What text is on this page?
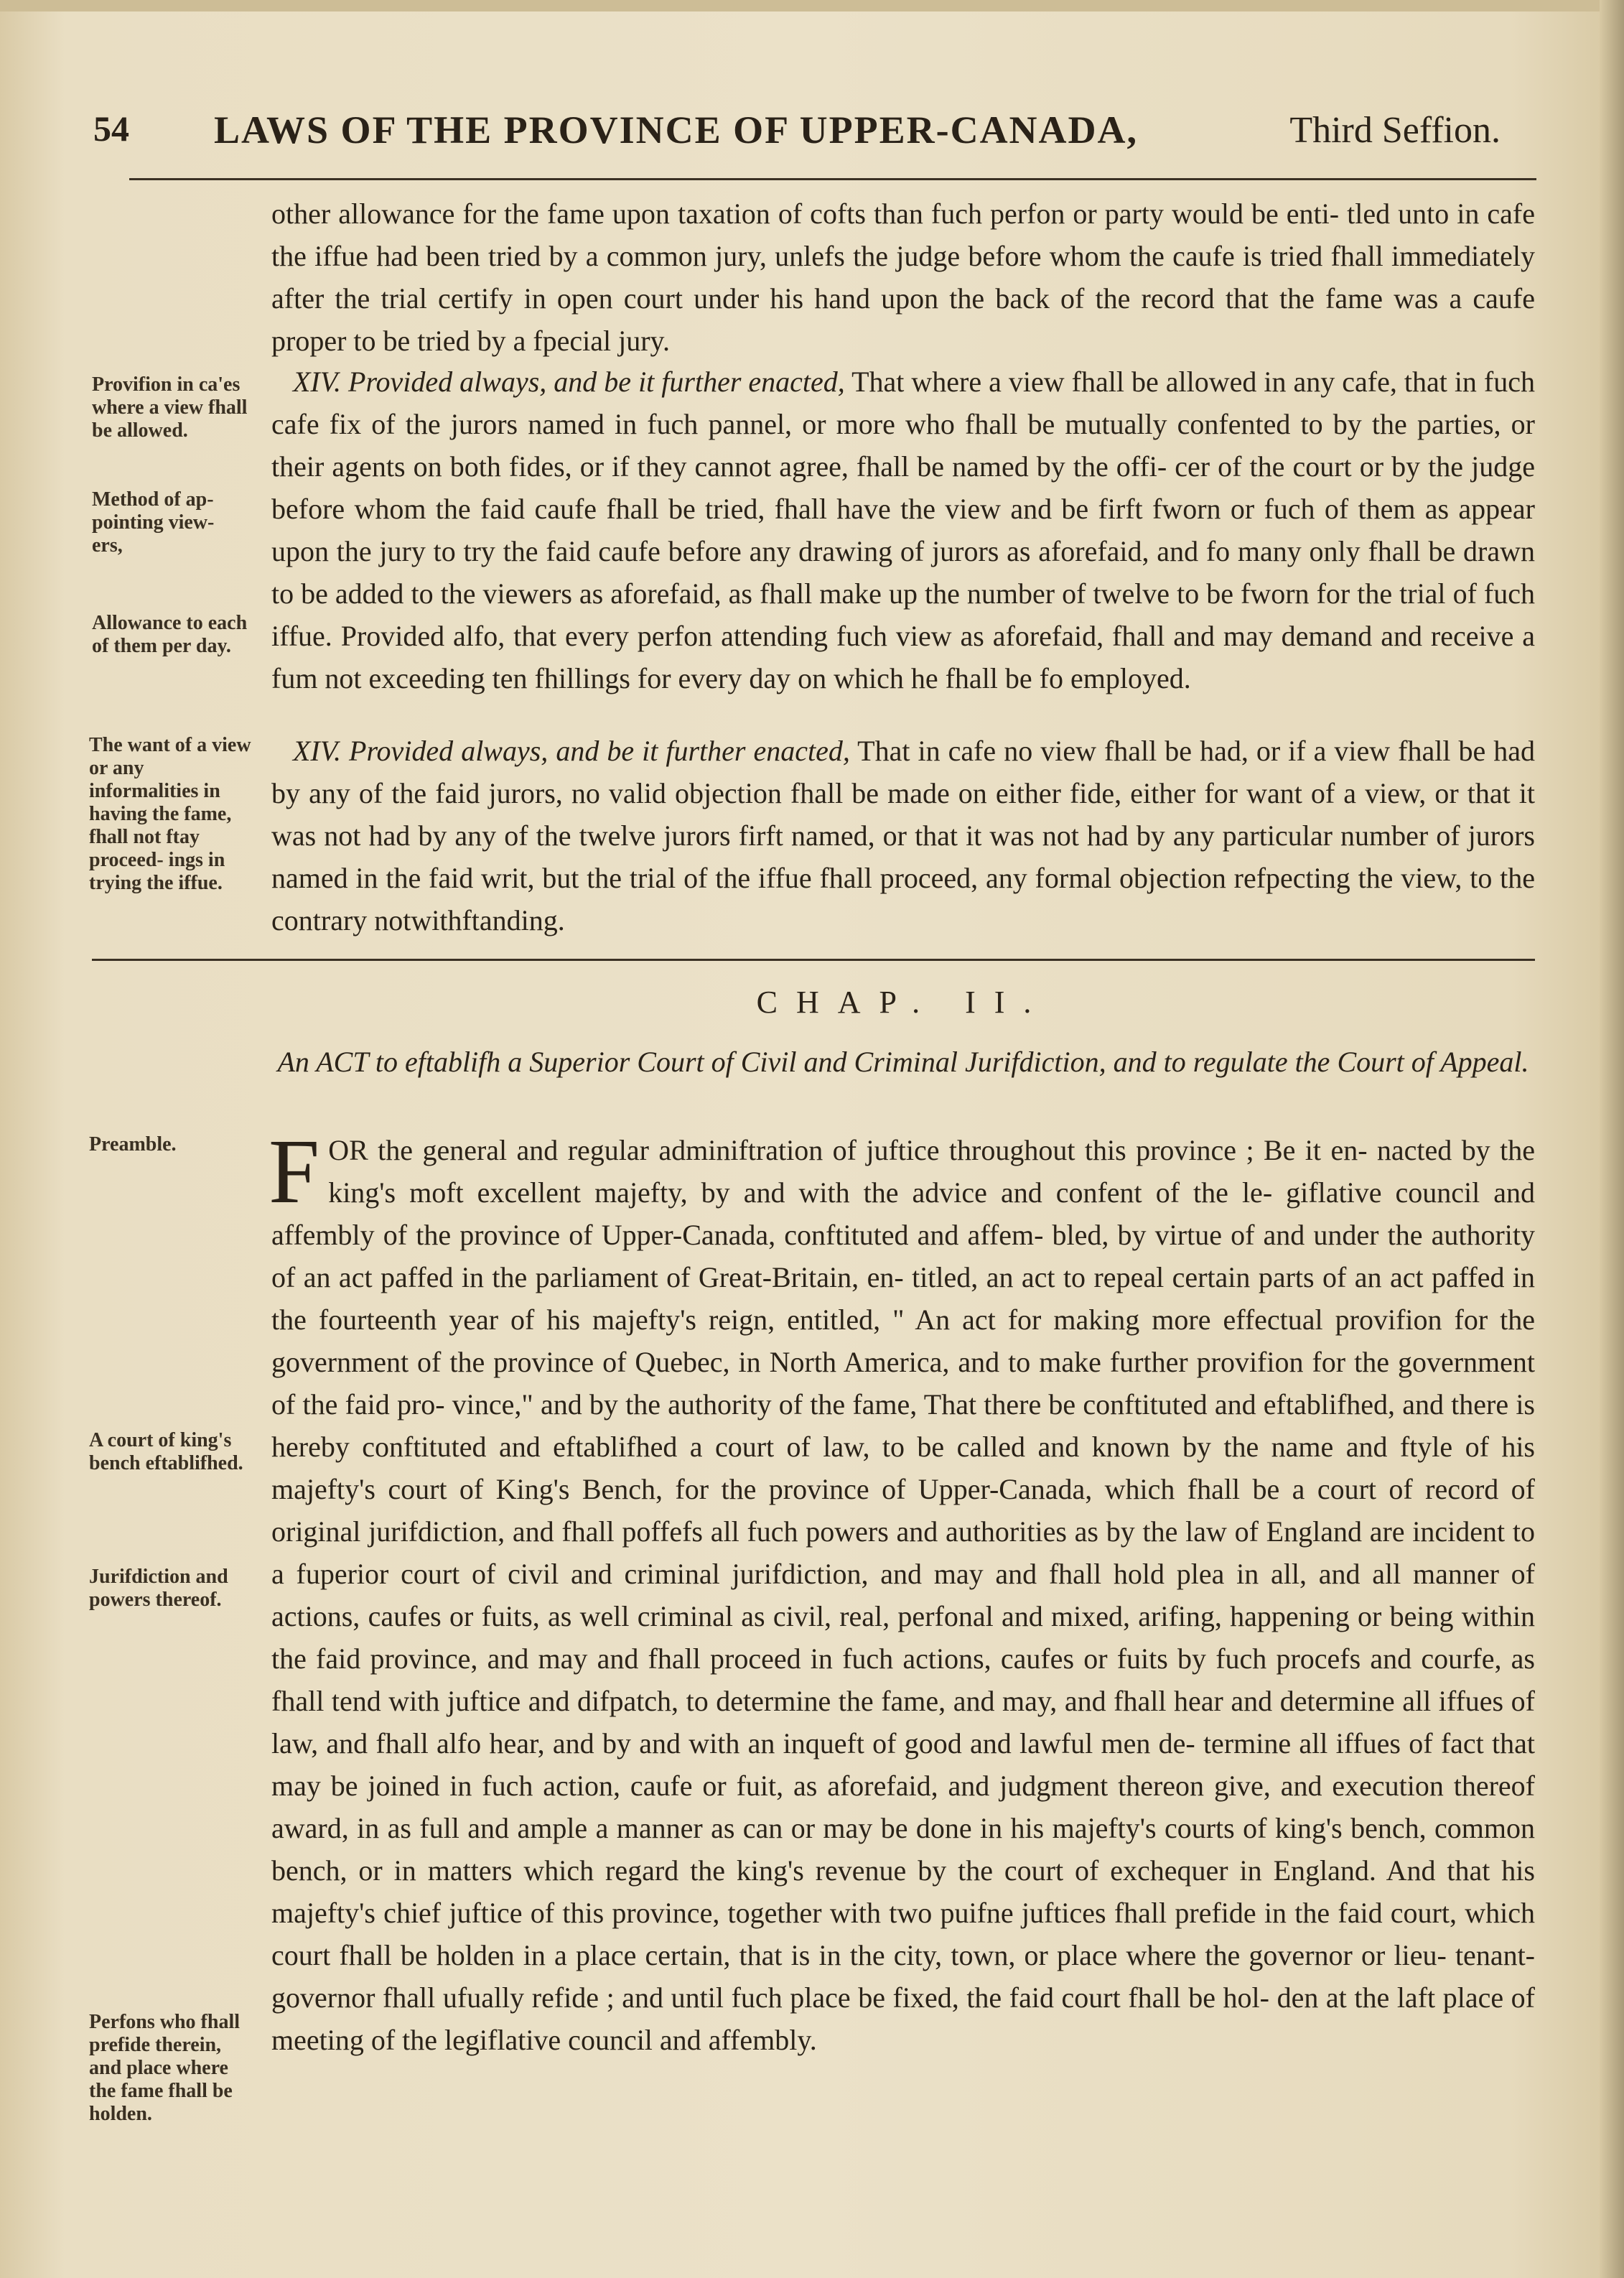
54 LAWS OF THE PROVINCE OF UPPER-CANADA,	Third Seffion.
Provifion in ca'es where a view fhall be allowed.
Method of ap- pointing view- ers,
Allowance to each of them per day.
The want of a view or any informalities in having the fame, fhall not ftay proceed- ings in trying the iffue.
Preamble.
A court of king's bench eftablifhed.
Jurifdiction and powers thereof.
Perfons who fhall prefide therein, and place where the fame fhall be holden.

other allowance for the fame upon taxation of cofts than fuch perfon or party would be enti- tled unto in cafe the iffue had been tried by a common jury, unlefs the judge before whom the caufe is tried fhall immediately after the trial certify in open court under his hand upon the back of the record that the fame was a caufe proper to be tried by a fpecial jury.

XIV. Provided always, and be it further enacted, That where a view fhall be allowed in any cafe, that in fuch cafe fix of the jurors named in fuch pannel, or more who fhall be mutually confented to by the parties, or their agents on both fides, or if they cannot agree, fhall be named by the offi- cer of the court or by the judge before whom the faid caufe fhall be tried, fhall have the view and be firft fworn or fuch of them as appear upon the jury to try the faid caufe before any drawing of jurors as aforefaid, and fo many only fhall be drawn to be added to the viewers as aforefaid, as fhall make up the number of twelve to be fworn for the trial of fuch iffue. Provided alfo, that every perfon attending fuch view as aforefaid, fhall and may demand and receive a fum not exceeding ten fhillings for every day on which he fhall be fo employed.

XIV. Provided always, and be it further enacted, That in cafe no view fhall be had, or if a view fhall be had by any of the faid jurors, no valid objection fhall be made on either fide, either for want of a view, or that it was not had by any of the twelve jurors firft named, or that it was not had by any particular number of jurors named in the faid writ, but the trial of the iffue fhall proceed, any formal objection refpecting the view, to the contrary notwithftanding.

CHAP. II.
An ACT to eftablifh a Superior Court of Civil and Criminal Jurifdiction, and to regulate the Court of Appeal.

FOR the general and regular adminiftration of juftice throughout this province ; Be it en- nacted by the king's moft excellent majefty, by and with the advice and confent of the le- giflative council and affembly of the province of Upper-Canada, conftituted and affem- bled, by virtue of and under the authority of an act paffed in the parliament of Great-Britain, en- titled, an act to repeal certain parts of an act paffed in the fourteenth year of his majefty's reign, entitled, " An act for making more effectual provifion for the government of the province of Quebec, in North America, and to make further provifion for the government of the faid pro- vince," and by the authority of the fame, That there be conftituted and eftablifhed, and there is hereby conftituted and eftablifhed a court of law, to be called and known by the name and ftyle of his majefty's court of King's Bench, for the province of Upper-Canada, which fhall be a court of record of original jurifdiction, and fhall poffefs all fuch powers and authorities as by the law of England are incident to a fuperior court of civil and criminal jurifdiction, and may and fhall hold plea in all, and all manner of actions, caufes or fuits, as well criminal as civil, real, perfonal and mixed, arifing, happening or being within the faid province, and may and fhall proceed in fuch actions, caufes or fuits by fuch procefs and courfe, as fhall tend with juftice and difpatch, to determine the fame, and may, and fhall hear and determine all iffues of law, and fhall alfo hear, and by and with an inqueft of good and lawful men de- termine all iffues of fact that may be joined in fuch action, caufe or fuit, as aforefaid, and judgment thereon give, and execution thereof award, in as full and ample a manner as can or may be done in his majefty's courts of king's bench, common bench, or in matters which regard the king's revenue by the court of exchequer in England. And that his majefty's chief juftice of this province, together with two puifne juftices fhall prefide in the faid court, which court fhall be holden in a place certain, that is in the city, town, or place where the governor or lieu- tenant-governor fhall ufually refide ; and until fuch place be fixed, the faid court fhall be hol- den at the laft place of meeting of the legiflative council and affembly.
